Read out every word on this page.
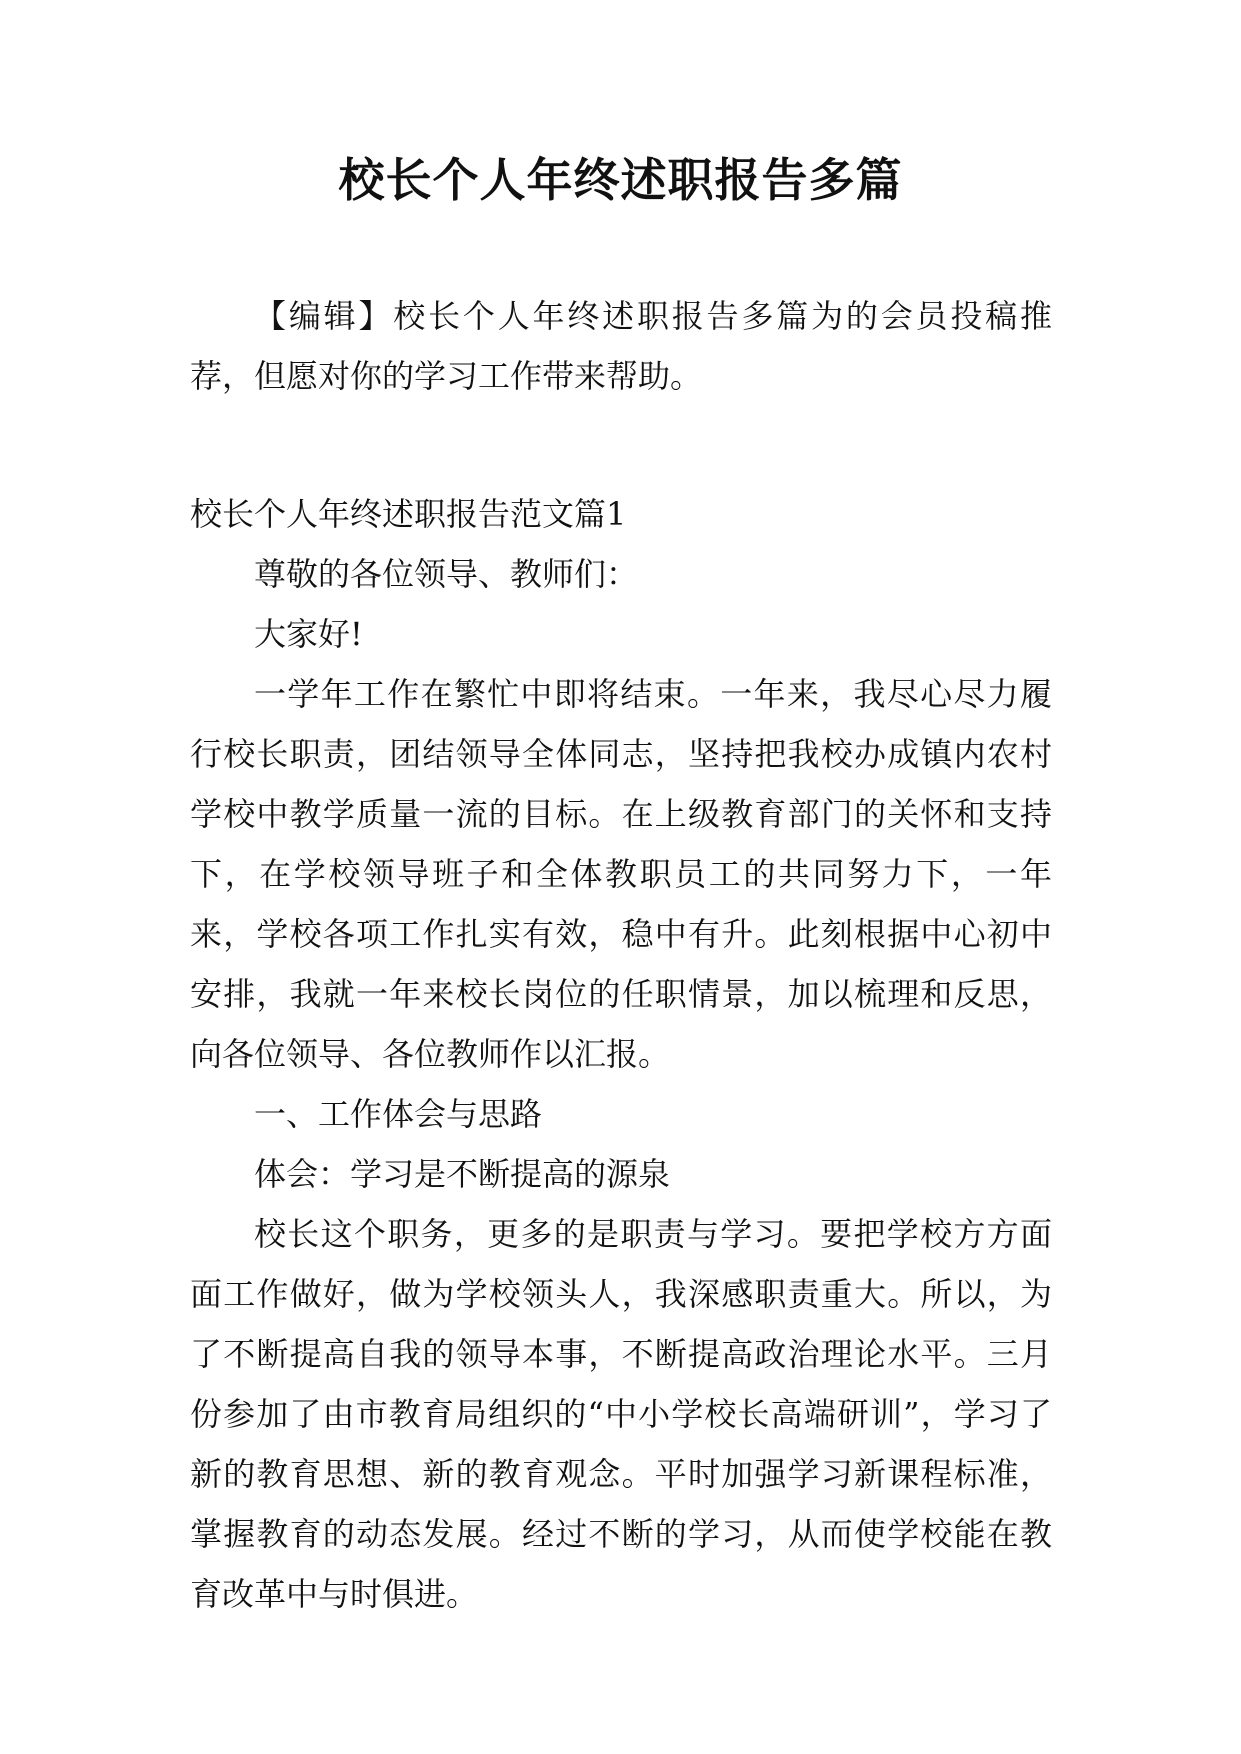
校长个人年终述职报告多篇

【编辑】校长个人年终述职报告多篇为的会员投稿推荐，但愿对你的学习工作带来帮助。

校长个人年终述职报告范文篇1

尊敬的各位领导、教师们：

大家好!

一学年工作在繁忙中即将结束。一年来，我尽心尽力履行校长职责，团结领导全体同志，坚持把我校办成镇内农村学校中教学质量一流的目标。在上级教育部门的关怀和支持下，在学校领导班子和全体教职员工的共同努力下，一年来，学校各项工作扎实有效，稳中有升。此刻根据中心初中安排，我就一年来校长岗位的任职情景，加以梳理和反思，向各位领导、各位教师作以汇报。

一、工作体会与思路

体会：学习是不断提高的源泉

校长这个职务，更多的是职责与学习。要把学校方方面面工作做好，做为学校领头人，我深感职责重大。所以，为了不断提高自我的领导本事，不断提高政治理论水平。三月份参加了由市教育局组织的“中小学校长高端研训”，学习了新的教育思想、新的教育观念。平时加强学习新课程标准，掌握教育的动态发展。经过不断的学习，从而使学校能在教育改革中与时俱进。
